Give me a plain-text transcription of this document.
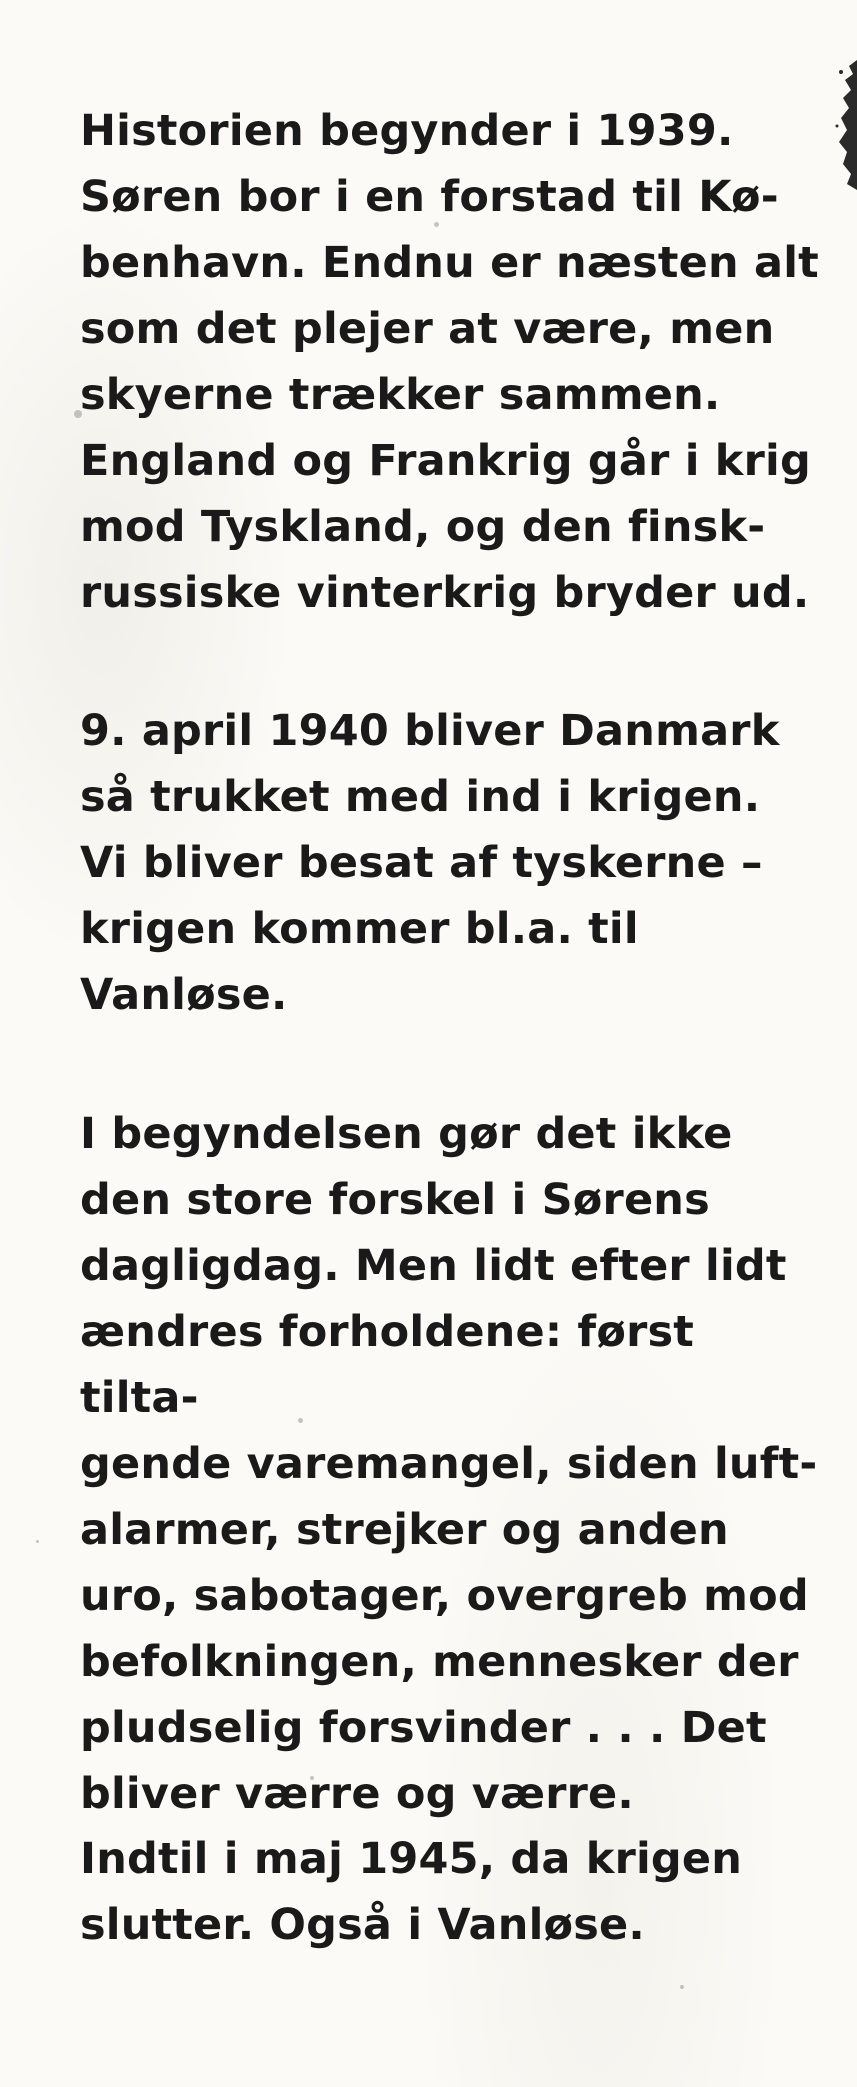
Historien begynder i 1939.
Søren bor i en forstad til Kø-
benhavn. Endnu er næsten alt
som det plejer at være, men
skyerne trækker sammen.
England og Frankrig går i krig
mod Tyskland, og den finsk-
russiske vinterkrig bryder ud.

9. april 1940 bliver Danmark
så trukket med ind i krigen.
Vi bliver besat af tyskerne –
krigen kommer bl.a. til
Vanløse.

I begyndelsen gør det ikke
den store forskel i Sørens
dagligdag. Men lidt efter lidt
ændres forholdene: først tilta-
gende varemangel, siden luft-
alarmer, strejker og anden
uro, sabotager, overgreb mod
befolkningen, mennesker der
pludselig forsvinder . . . Det
bliver værre og værre.

Indtil i maj 1945, da krigen
slutter. Også i Vanløse.
